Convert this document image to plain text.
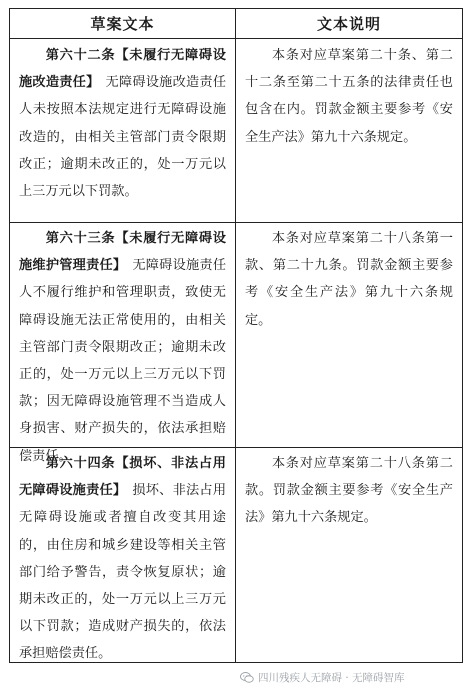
草案文本	文本说明
第六十二条【未履行无障碍设施改造责任】 无障碍设施改造责任人未按照本法规定进行无障碍设施改造的，由相关主管部门责令限期改正；逾期未改正的，处一万元以上三万元以下罚款。
本条对应草案第二十条、第二十二条至第二十五条的法律责任也包含在内。罚款金额主要参考《安全生产法》第九十六条规定。
第六十三条【未履行无障碍设施维护管理责任】 无障碍设施责任人不履行维护和管理职责，致使无障碍设施无法正常使用的，由相关主管部门责令限期改正；逾期未改正的，处一万元以上三万元以下罚款；因无障碍设施管理不当造成人身损害、财产损失的，依法承担赔偿责任。
本条对应草案第二十八条第一款、第二十九条。罚款金额主要参考《安全生产法》第九十六条规定。
第六十四条【损坏、非法占用无障碍设施责任】 损坏、非法占用无障碍设施或者擅自改变其用途的，由住房和城乡建设等相关主管部门给予警告，责令恢复原状；逾期未改正的，处一万元以上三万元以下罚款；造成财产损失的，依法承担赔偿责任。
本条对应草案第二十八条第二款。罚款金额主要参考《安全生产法》第九十六条规定。
四川残疾人无障碍 · 无障碍智库
